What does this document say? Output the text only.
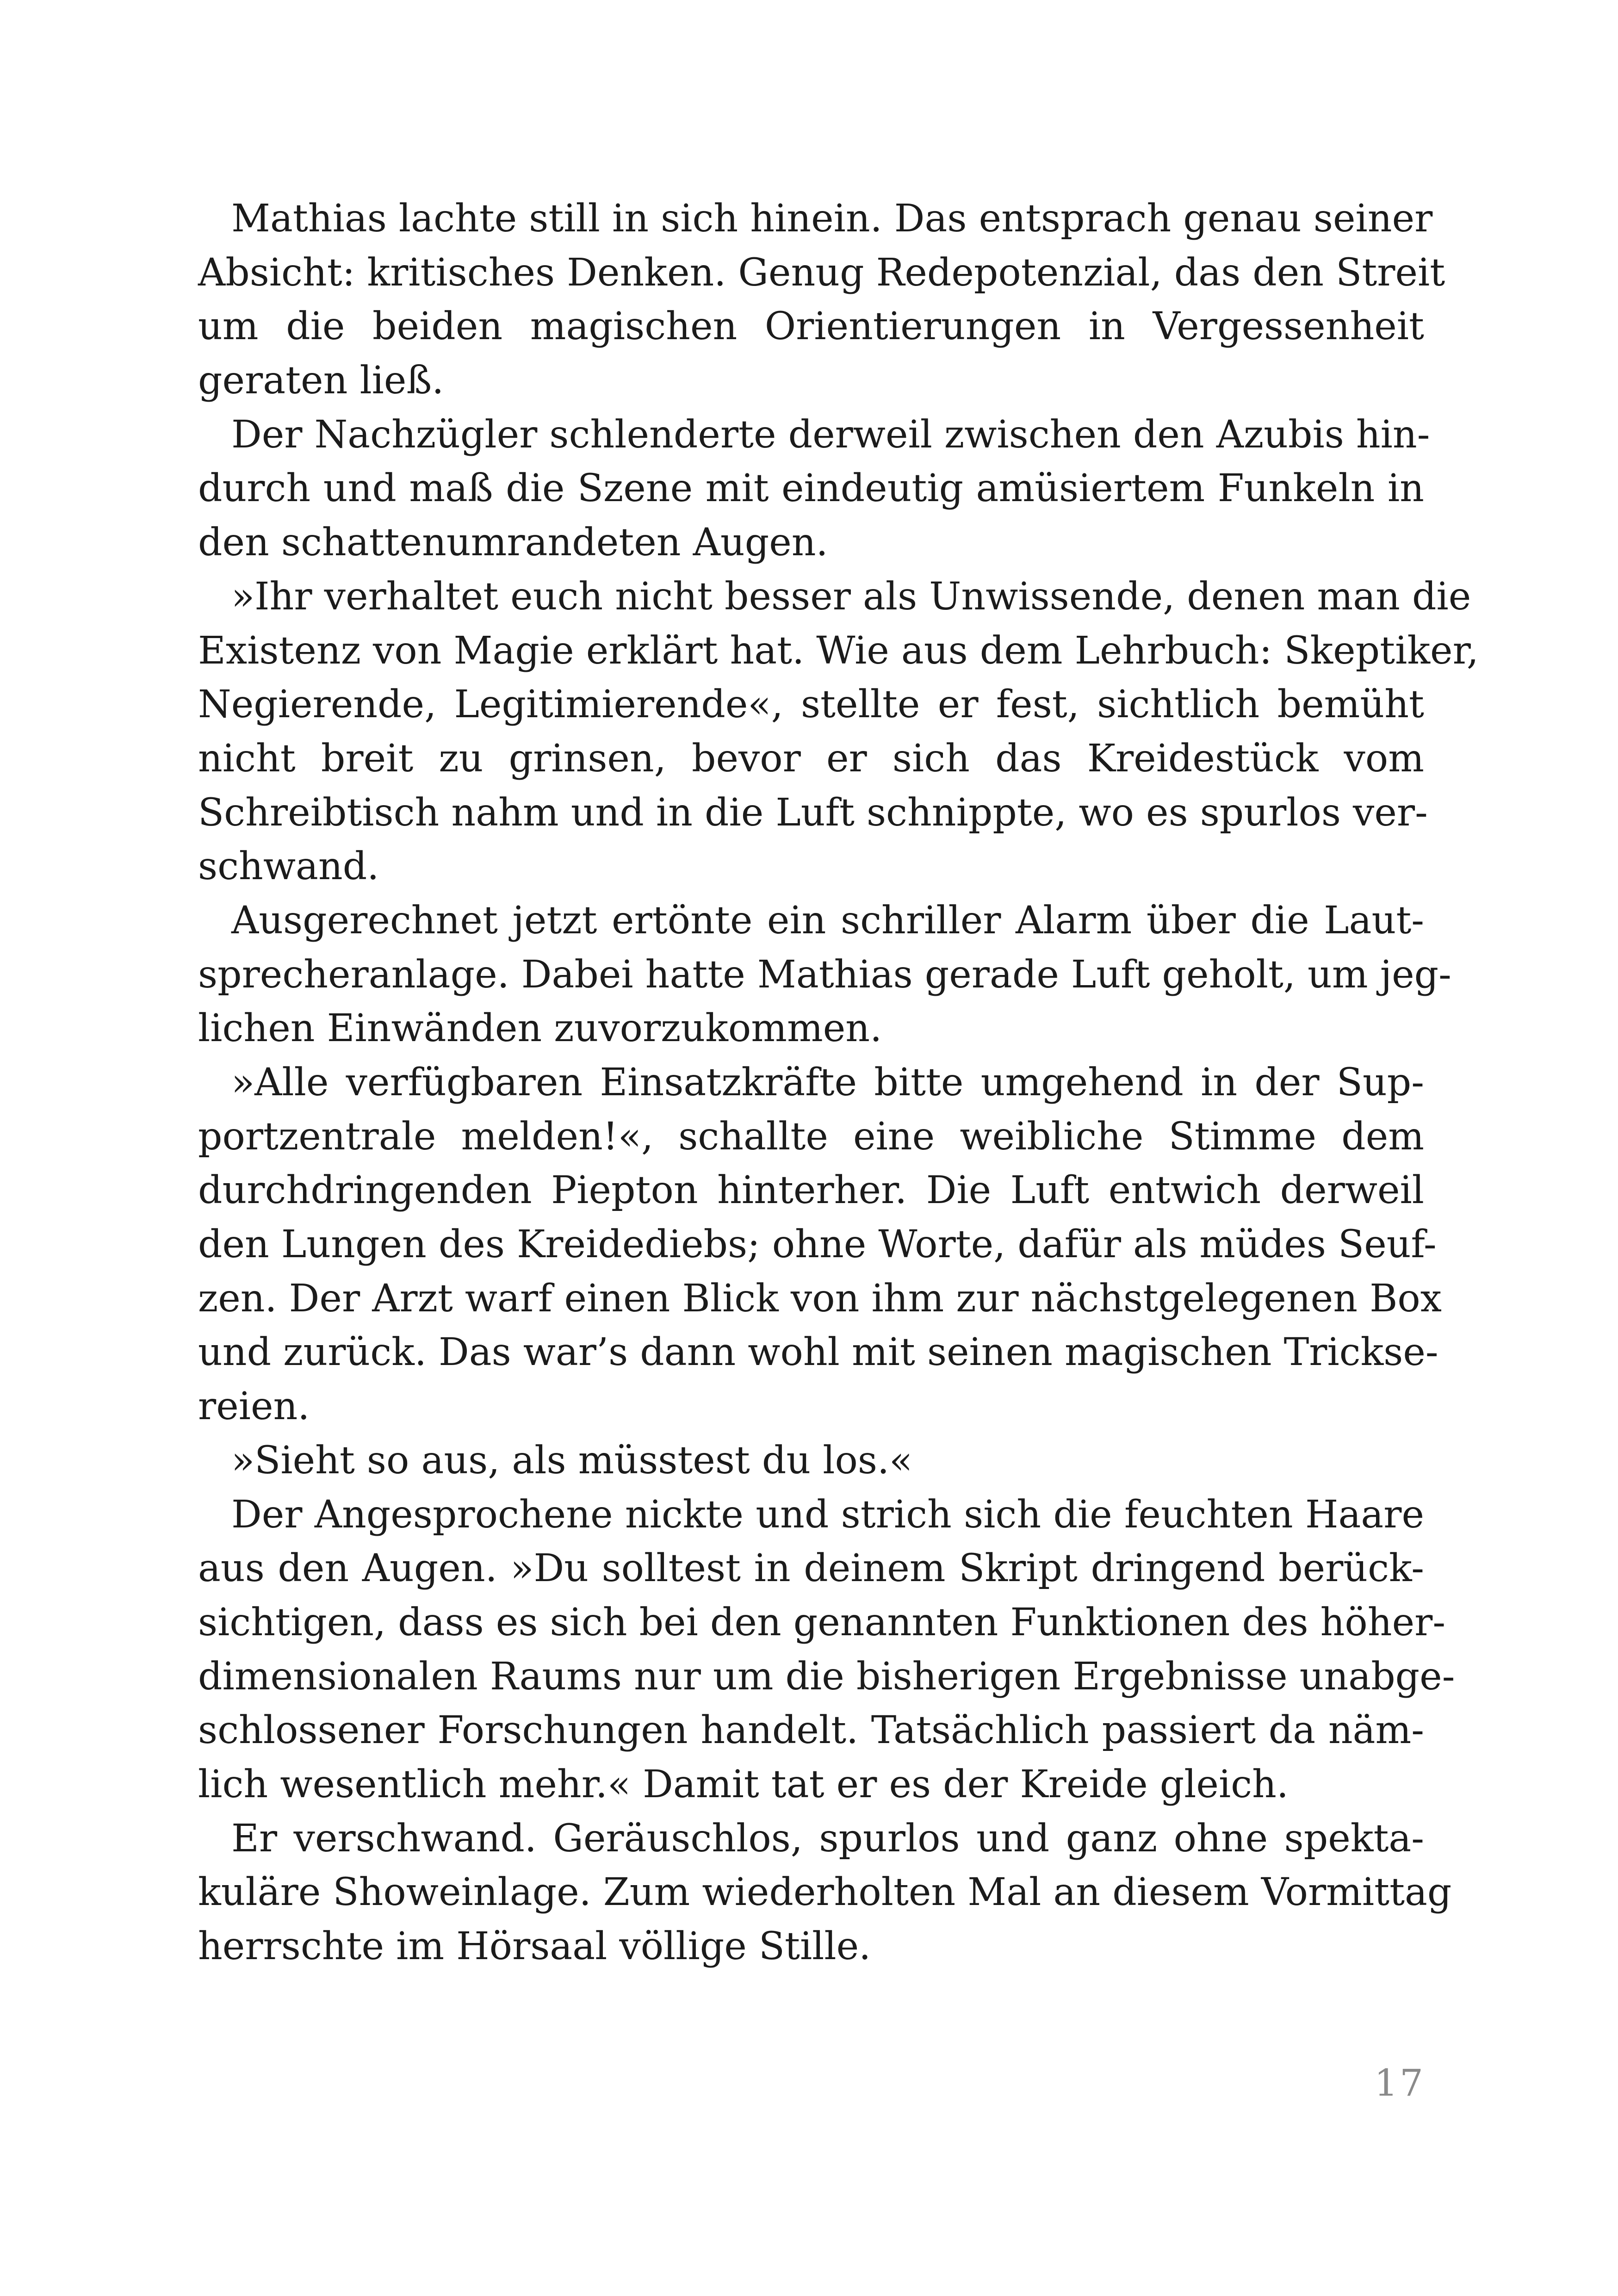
Mathias lachte still in sich hinein. Das entsprach genau seiner
Absicht: kritisches Denken. Genug Redepotenzial, das den Streit
um die beiden magischen Orientierungen in Vergessenheit
geraten ließ.
Der Nachzügler schlenderte derweil zwischen den Azubis hin-
durch und maß die Szene mit eindeutig amüsiertem Funkeln in
den schattenumrandeten Augen.
»Ihr verhaltet euch nicht besser als Unwissende, denen man die
Existenz von Magie erklärt hat. Wie aus dem Lehrbuch: Skeptiker,
Negierende, Legitimierende«, stellte er fest, sichtlich bemüht
nicht breit zu grinsen, bevor er sich das Kreidestück vom
Schreibtisch nahm und in die Luft schnippte, wo es spurlos ver-
schwand.
Ausgerechnet jetzt ertönte ein schriller Alarm über die Laut-
sprecheranlage. Dabei hatte Mathias gerade Luft geholt, um jeg-
lichen Einwänden zuvorzukommen.
»Alle verfügbaren Einsatzkräfte bitte umgehend in der Sup-
portzentrale melden!«, schallte eine weibliche Stimme dem
durchdringenden Piepton hinterher. Die Luft entwich derweil
den Lungen des Kreidediebs; ohne Worte, dafür als müdes Seuf-
zen. Der Arzt warf einen Blick von ihm zur nächstgelegenen Box
und zurück. Das war’s dann wohl mit seinen magischen Trickse-
reien.
»Sieht so aus, als müsstest du los.«
Der Angesprochene nickte und strich sich die feuchten Haare
aus den Augen. »Du solltest in deinem Skript dringend berück-
sichtigen, dass es sich bei den genannten Funktionen des höher-
dimensionalen Raums nur um die bisherigen Ergebnisse unabge-
schlossener Forschungen handelt. Tatsächlich passiert da näm-
lich wesentlich mehr.« Damit tat er es der Kreide gleich.
Er verschwand. Geräuschlos, spurlos und ganz ohne spekta-
kuläre Showeinlage. Zum wiederholten Mal an diesem Vormittag
herrschte im Hörsaal völlige Stille.
17
